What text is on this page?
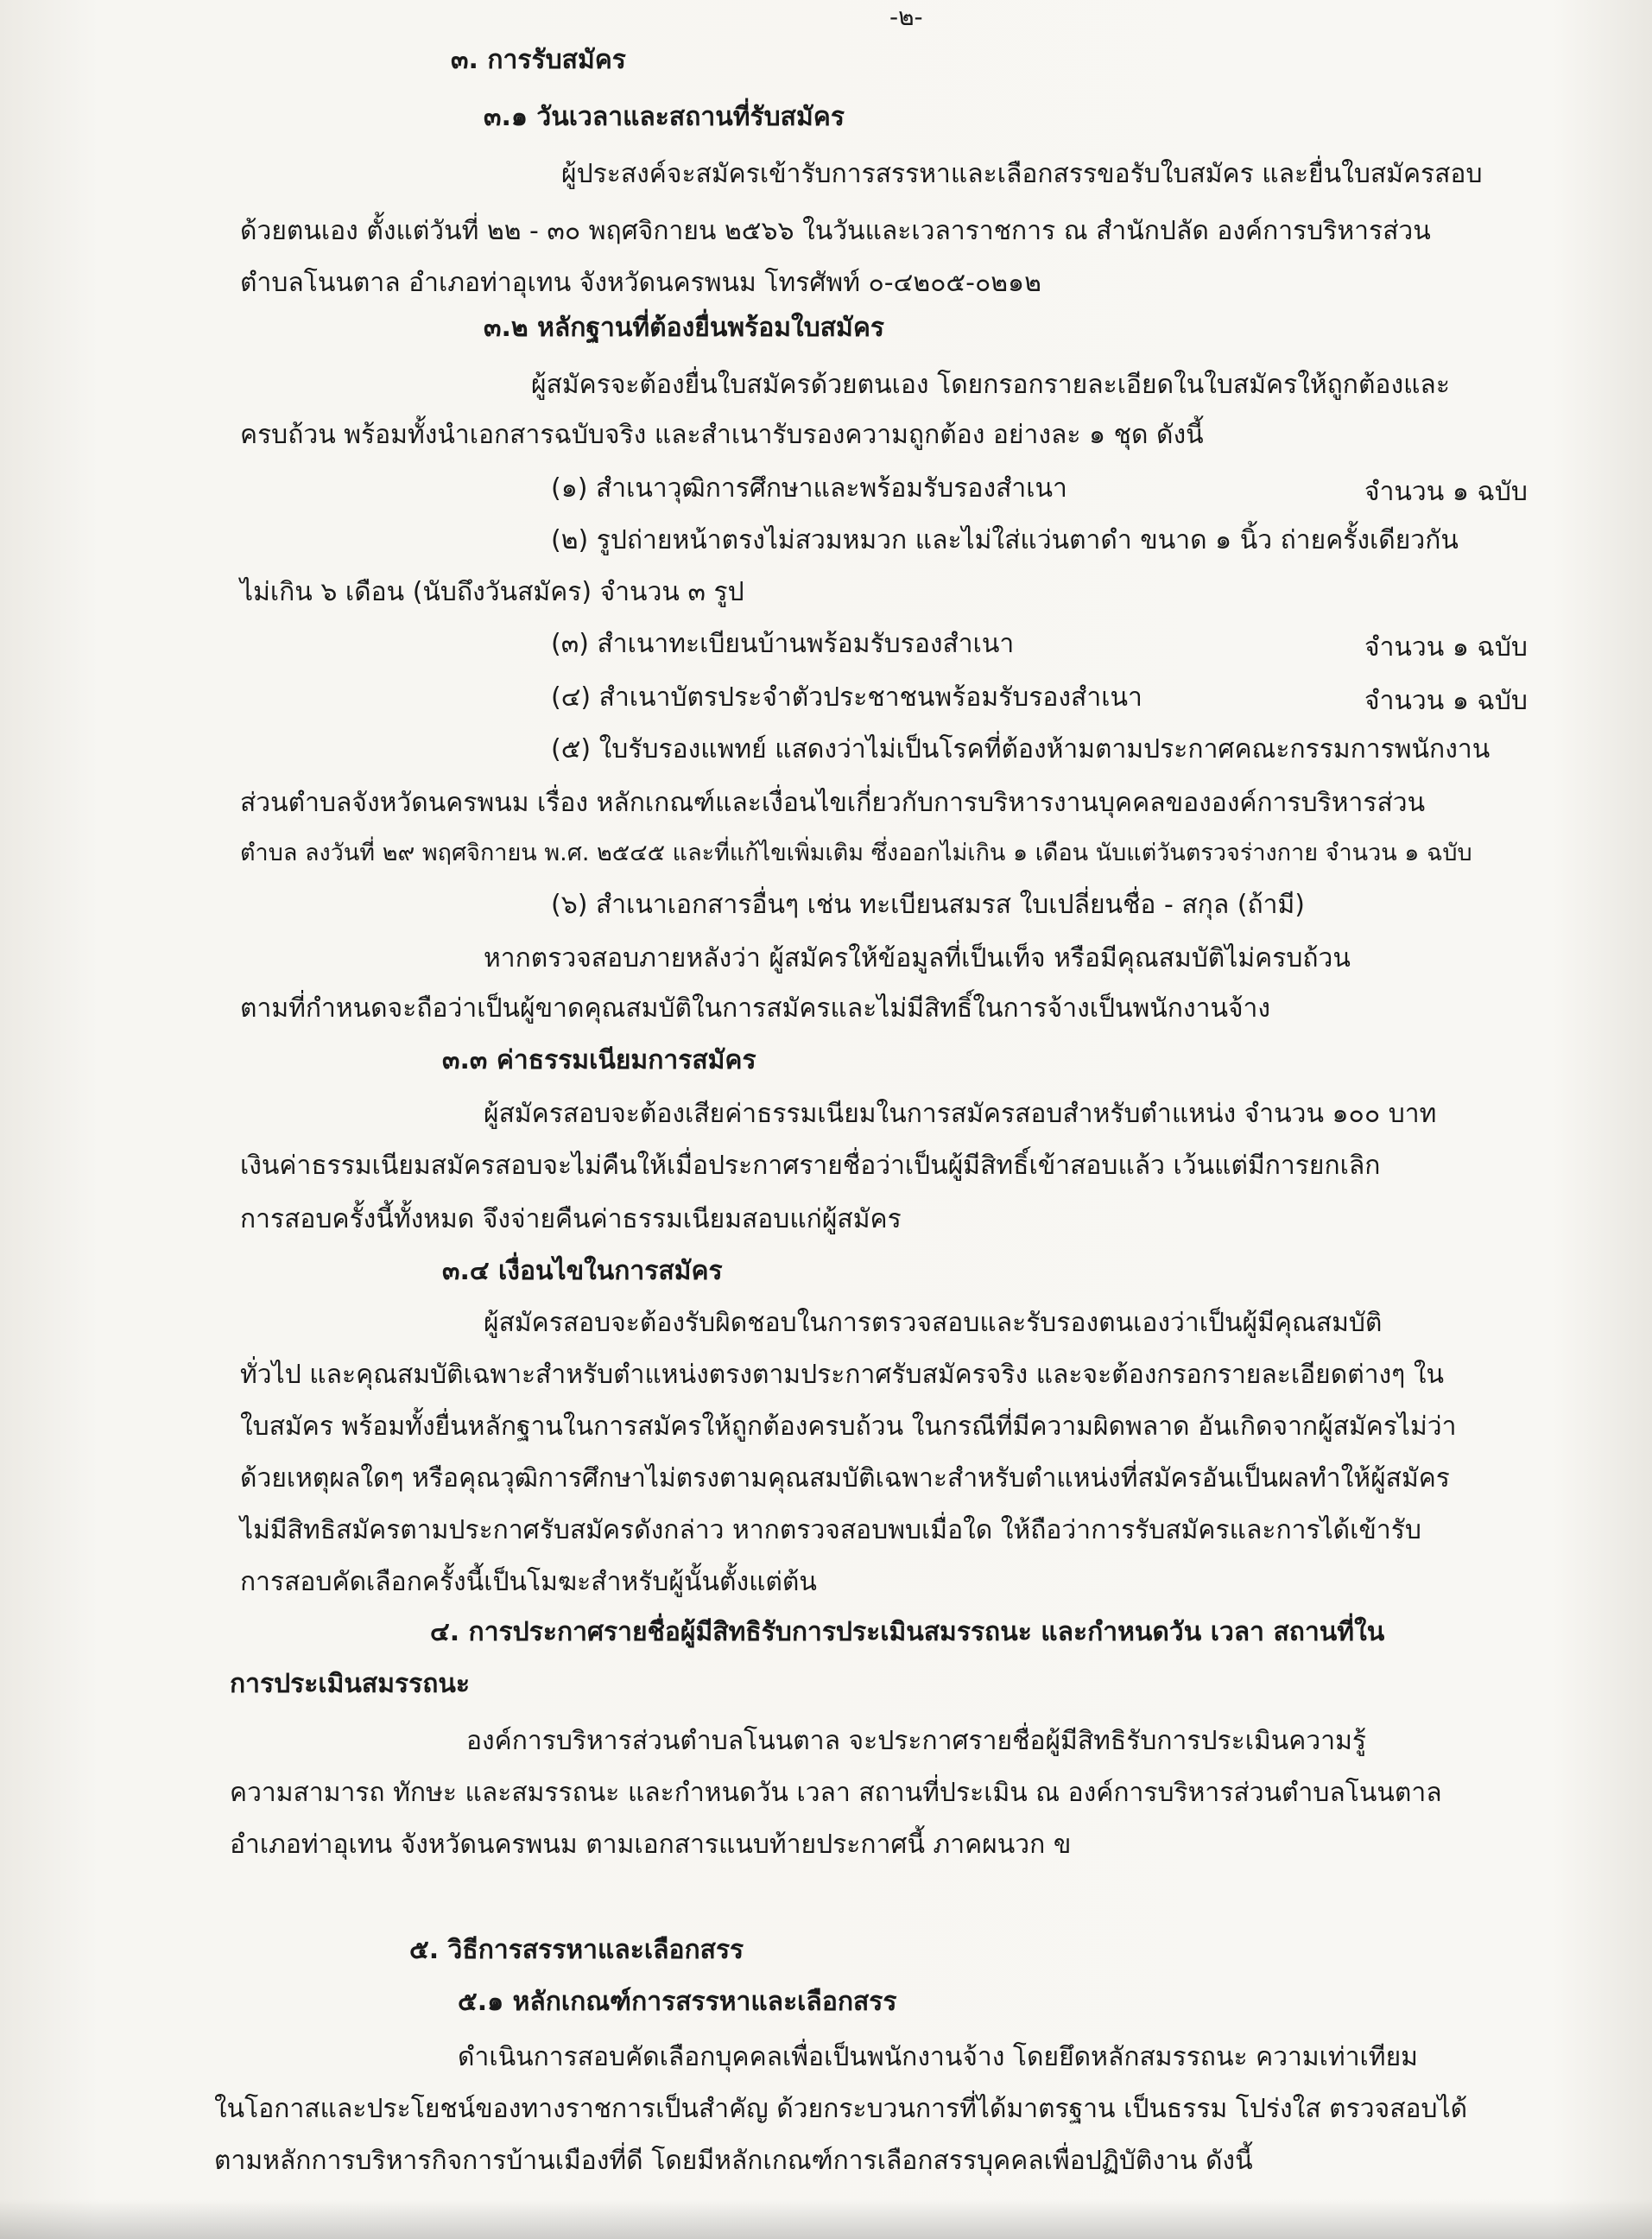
-๒-
๓. การรับสมัคร
๓.๑ วันเวลาและสถานที่รับสมัคร
ผู้ประสงค์จะสมัครเข้ารับการสรรหาและเลือกสรรขอรับใบสมัคร และยื่นใบสมัครสอบ
ด้วยตนเอง ตั้งแต่วันที่ ๒๒ - ๓๐ พฤศจิกายน ๒๕๖๖ ในวันและเวลาราชการ ณ สำนักปลัด องค์การบริหารส่วน
ตำบลโนนตาล อำเภอท่าอุเทน จังหวัดนครพนม โทรศัพท์ ๐-๔๒๐๕-๐๒๑๒
๓.๒ หลักฐานที่ต้องยื่นพร้อมใบสมัคร
ผู้สมัครจะต้องยื่นใบสมัครด้วยตนเอง โดยกรอกรายละเอียดในใบสมัครให้ถูกต้องและ
ครบถ้วน พร้อมทั้งนำเอกสารฉบับจริง และสำเนารับรองความถูกต้อง อย่างละ ๑ ชุด ดังนี้
(๑) สำเนาวุฒิการศึกษาและพร้อมรับรองสำเนา	จำนวน ๑ ฉบับ
(๒) รูปถ่ายหน้าตรงไม่สวมหมวก และไม่ใส่แว่นตาดำ ขนาด ๑ นิ้ว ถ่ายครั้งเดียวกัน
ไม่เกิน ๖ เดือน (นับถึงวันสมัคร) จำนวน ๓ รูป
(๓) สำเนาทะเบียนบ้านพร้อมรับรองสำเนา	จำนวน ๑ ฉบับ
(๔) สำเนาบัตรประจำตัวประชาชนพร้อมรับรองสำเนา	จำนวน ๑ ฉบับ
(๕) ใบรับรองแพทย์ แสดงว่าไม่เป็นโรคที่ต้องห้ามตามประกาศคณะกรรมการพนักงาน
ส่วนตำบลจังหวัดนครพนม เรื่อง หลักเกณฑ์และเงื่อนไขเกี่ยวกับการบริหารงานบุคคลขององค์การบริหารส่วน
ตำบล ลงวันที่ ๒๙ พฤศจิกายน พ.ศ. ๒๕๔๕ และที่แก้ไขเพิ่มเติม ซึ่งออกไม่เกิน ๑ เดือน นับแต่วันตรวจร่างกาย จำนวน ๑ ฉบับ
(๖) สำเนาเอกสารอื่นๆ เช่น ทะเบียนสมรส ใบเปลี่ยนชื่อ - สกุล (ถ้ามี)
หากตรวจสอบภายหลังว่า ผู้สมัครให้ข้อมูลที่เป็นเท็จ หรือมีคุณสมบัติไม่ครบถ้วน
ตามที่กำหนดจะถือว่าเป็นผู้ขาดคุณสมบัติในการสมัครและไม่มีสิทธิ์ในการจ้างเป็นพนักงานจ้าง
๓.๓ ค่าธรรมเนียมการสมัคร
ผู้สมัครสอบจะต้องเสียค่าธรรมเนียมในการสมัครสอบสำหรับตำแหน่ง จำนวน ๑๐๐ บาท
เงินค่าธรรมเนียมสมัครสอบจะไม่คืนให้เมื่อประกาศรายชื่อว่าเป็นผู้มีสิทธิ์เข้าสอบแล้ว เว้นแต่มีการยกเลิก
การสอบครั้งนี้ทั้งหมด จึงจ่ายคืนค่าธรรมเนียมสอบแก่ผู้สมัคร
๓.๔ เงื่อนไขในการสมัคร
ผู้สมัครสอบจะต้องรับผิดชอบในการตรวจสอบและรับรองตนเองว่าเป็นผู้มีคุณสมบัติ
ทั่วไป และคุณสมบัติเฉพาะสำหรับตำแหน่งตรงตามประกาศรับสมัครจริง และจะต้องกรอกรายละเอียดต่างๆ ใน
ใบสมัคร พร้อมทั้งยื่นหลักฐานในการสมัครให้ถูกต้องครบถ้วน ในกรณีที่มีความผิดพลาด อันเกิดจากผู้สมัครไม่ว่า
ด้วยเหตุผลใดๆ หรือคุณวุฒิการศึกษาไม่ตรงตามคุณสมบัติเฉพาะสำหรับตำแหน่งที่สมัครอันเป็นผลทำให้ผู้สมัคร
ไม่มีสิทธิสมัครตามประกาศรับสมัครดังกล่าว หากตรวจสอบพบเมื่อใด ให้ถือว่าการรับสมัครและการได้เข้ารับ
การสอบคัดเลือกครั้งนี้เป็นโมฆะสำหรับผู้นั้นตั้งแต่ต้น
๔. การประกาศรายชื่อผู้มีสิทธิรับการประเมินสมรรถนะ และกำหนดวัน เวลา สถานที่ใน
การประเมินสมรรถนะ
องค์การบริหารส่วนตำบลโนนตาล จะประกาศรายชื่อผู้มีสิทธิรับการประเมินความรู้
ความสามารถ ทักษะ และสมรรถนะ และกำหนดวัน เวลา สถานที่ประเมิน ณ องค์การบริหารส่วนตำบลโนนตาล
อำเภอท่าอุเทน จังหวัดนครพนม ตามเอกสารแนบท้ายประกาศนี้ ภาคผนวก ข
๕. วิธีการสรรหาและเลือกสรร
๕.๑ หลักเกณฑ์การสรรหาและเลือกสรร
ดำเนินการสอบคัดเลือกบุคคลเพื่อเป็นพนักงานจ้าง โดยยึดหลักสมรรถนะ ความเท่าเทียม
ในโอกาสและประโยชน์ของทางราชการเป็นสำคัญ ด้วยกระบวนการที่ได้มาตรฐาน เป็นธรรม โปร่งใส ตรวจสอบได้
ตามหลักการบริหารกิจการบ้านเมืองที่ดี โดยมีหลักเกณฑ์การเลือกสรรบุคคลเพื่อปฏิบัติงาน ดังนี้
